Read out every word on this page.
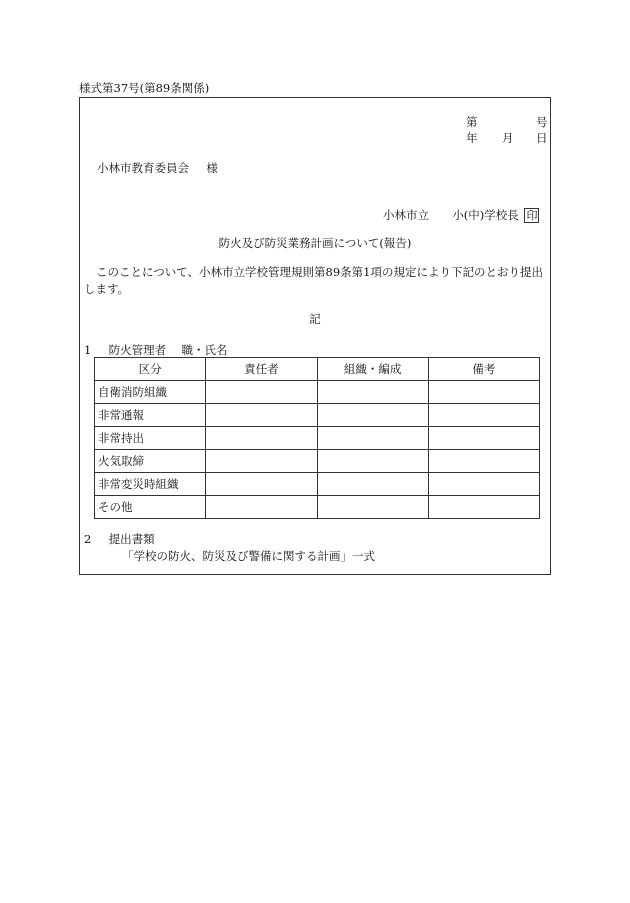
様式第37号(第89条関係)
第	号
年 月 日
小林市教育委員会 様
小林市立 小(中)学校長 印
防火及び防災業務計画について(報告)
このことについて、小林市立学校管理規則第89条第1項の規定により下記のとおり提出します。
記
1 防火管理者 職・氏名
区分	責任者	組織・編成	備考
自衛消防組織			
非常通報			
非常持出			
火気取締			
非常変災時組織			
その他			
2 提出書類
「学校の防火、防災及び警備に関する計画」一式
